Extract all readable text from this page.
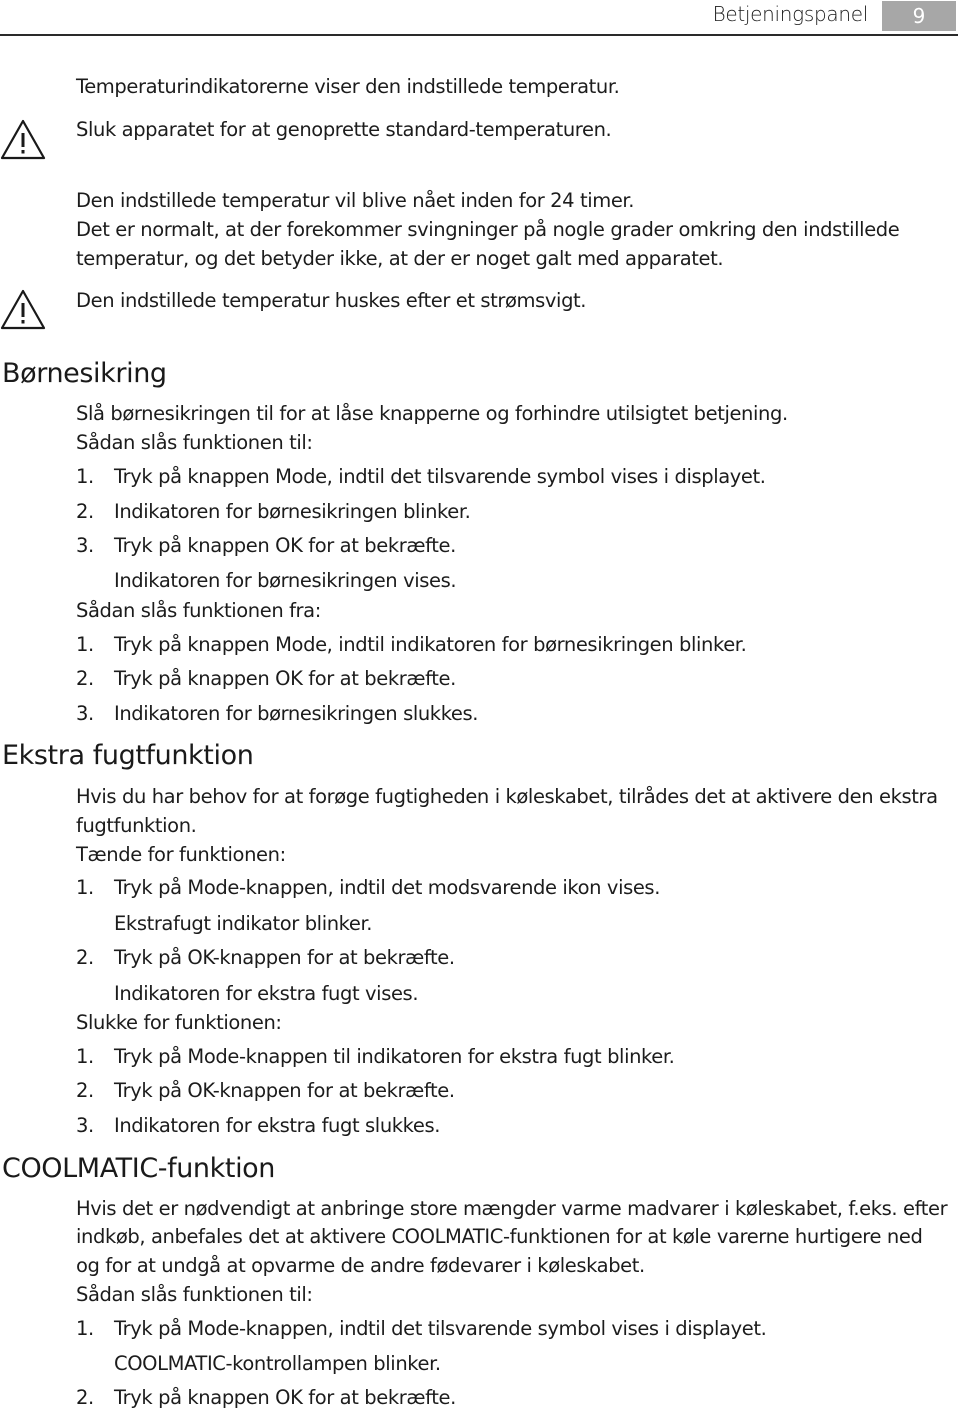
Betjeningspanel	9
Temperaturindikatorerne viser den indstillede temperatur.
Sluk apparatet for at genoprette standard-temperaturen.
Den indstillede temperatur vil blive nået inden for 24 timer.
Det er normalt, at der forekommer svingninger på nogle grader omkring den indstillede
temperatur, og det betyder ikke, at der er noget galt med apparatet.
Den indstillede temperatur huskes efter et strømsvigt.
Børnesikring
Slå børnesikringen til for at låse knapperne og forhindre utilsigtet betjening.
Sådan slås funktionen til:
1. Tryk på knappen Mode, indtil det tilsvarende symbol vises i displayet.
2. Indikatoren for børnesikringen blinker.
3. Tryk på knappen OK for at bekræfte.
Indikatoren for børnesikringen vises.
Sådan slås funktionen fra:
1. Tryk på knappen Mode, indtil indikatoren for børnesikringen blinker.
2. Tryk på knappen OK for at bekræfte.
3. Indikatoren for børnesikringen slukkes.
Ekstra fugtfunktion
Hvis du har behov for at forøge fugtigheden i køleskabet, tilrådes det at aktivere den ekstra
fugtfunktion.
Tænde for funktionen:
1. Tryk på Mode-knappen, indtil det modsvarende ikon vises.
Ekstrafugt indikator blinker.
2. Tryk på OK-knappen for at bekræfte.
Indikatoren for ekstra fugt vises.
Slukke for funktionen:
1. Tryk på Mode-knappen til indikatoren for ekstra fugt blinker.
2. Tryk på OK-knappen for at bekræfte.
3. Indikatoren for ekstra fugt slukkes.
COOLMATIC-funktion
Hvis det er nødvendigt at anbringe store mængder varme madvarer i køleskabet, f.eks. efter
indkøb, anbefales det at aktivere COOLMATIC-funktionen for at køle varerne hurtigere ned
og for at undgå at opvarme de andre fødevarer i køleskabet.
Sådan slås funktionen til:
1. Tryk på Mode-knappen, indtil det tilsvarende symbol vises i displayet.
COOLMATIC-kontrollampen blinker.
2. Tryk på knappen OK for at bekræfte.
